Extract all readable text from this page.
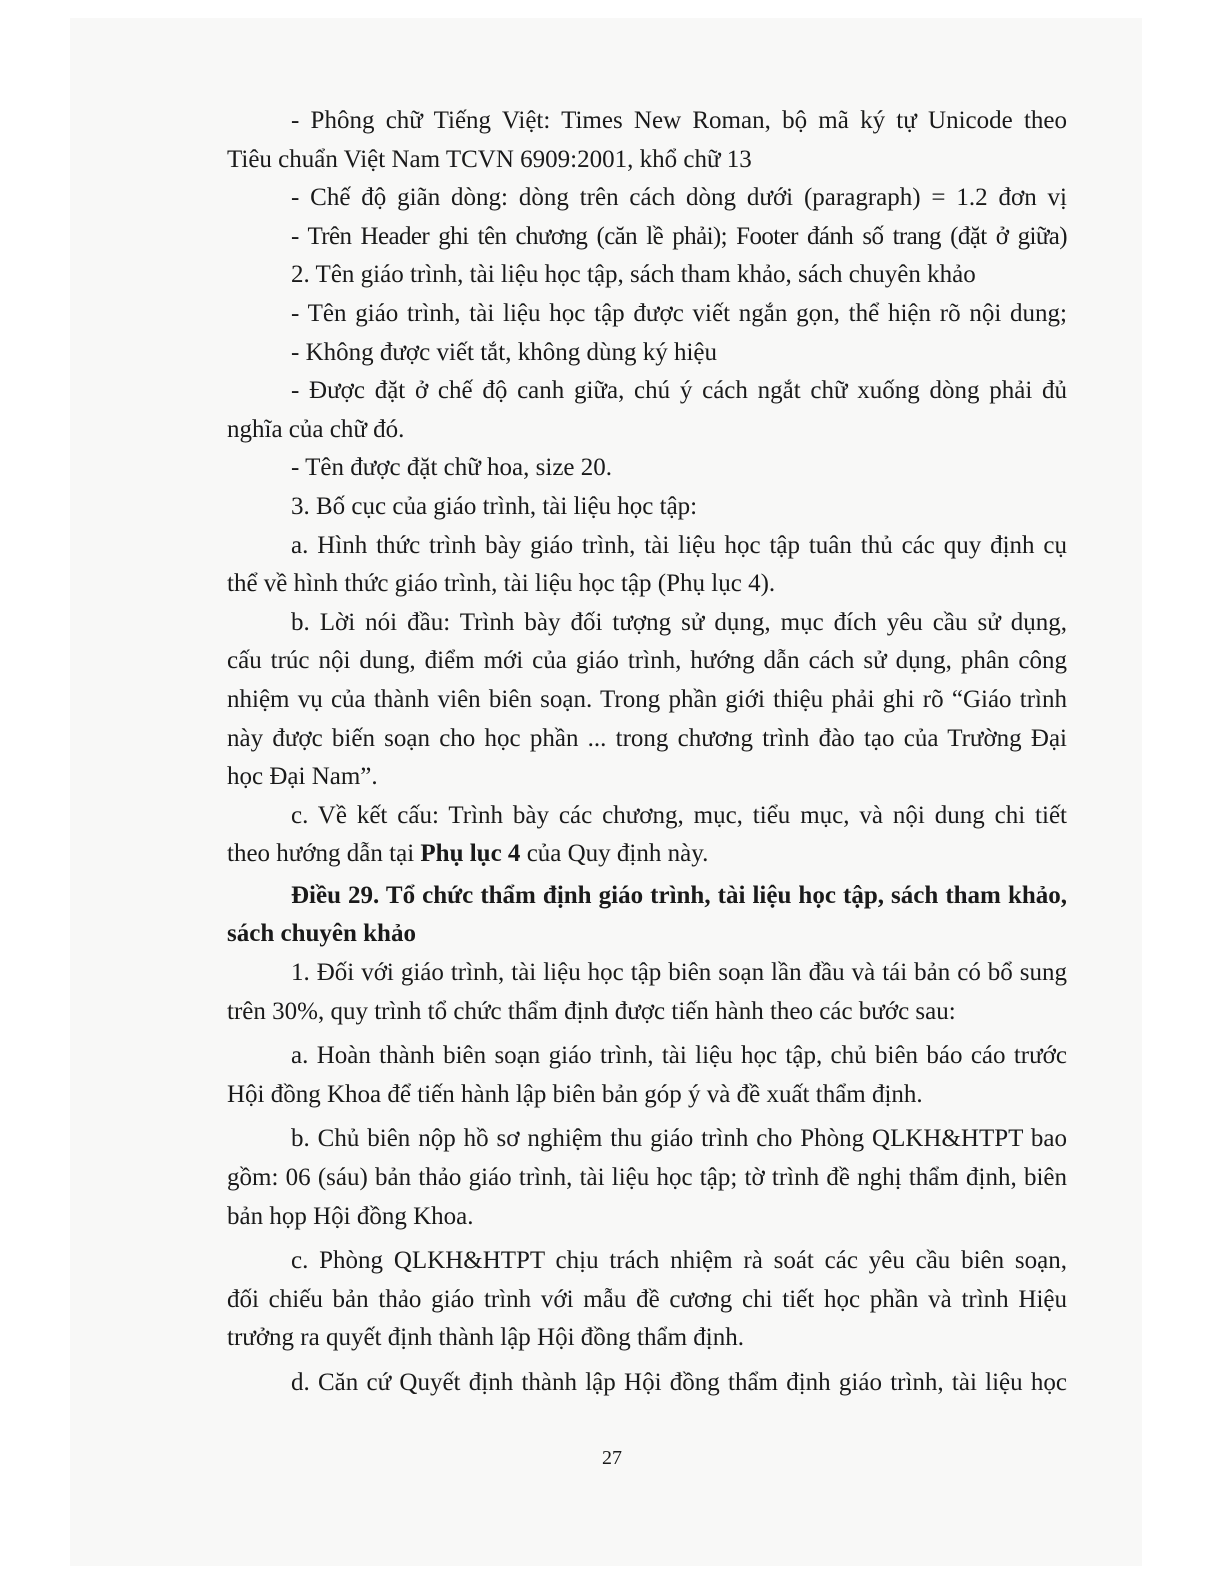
- Phông chữ Tiếng Việt: Times New Roman, bộ mã ký tự Unicode theo
Tiêu chuẩn Việt Nam TCVN 6909:2001, khổ chữ 13
- Chế độ giãn dòng: dòng trên cách dòng dưới (paragraph) = 1.2 đơn vị
- Trên Header ghi tên chương (căn lề phải); Footer đánh số trang (đặt ở giữa)
2. Tên giáo trình, tài liệu học tập, sách tham khảo, sách chuyên khảo
- Tên giáo trình, tài liệu học tập được viết ngắn gọn, thể hiện rõ nội dung;
- Không được viết tắt, không dùng ký hiệu
- Được đặt ở chế độ canh giữa, chú ý cách ngắt chữ xuống dòng phải đủ
nghĩa của chữ đó.
- Tên được đặt chữ hoa, size 20.
3. Bố cục của giáo trình, tài liệu học tập:
a. Hình thức trình bày giáo trình, tài liệu học tập tuân thủ các quy định cụ
thể về hình thức giáo trình, tài liệu học tập (Phụ lục 4).
b. Lời nói đầu: Trình bày đối tượng sử dụng, mục đích yêu cầu sử dụng,
cấu trúc nội dung, điểm mới của giáo trình, hướng dẫn cách sử dụng, phân công
nhiệm vụ của thành viên biên soạn. Trong phần giới thiệu phải ghi rõ “Giáo trình
này được biến soạn cho học phần ... trong chương trình đào tạo của Trường Đại
học Đại Nam”.
c. Về kết cấu: Trình bày các chương, mục, tiểu mục, và nội dung chi tiết
theo hướng dẫn tại Phụ lục 4 của Quy định này.
Điều 29. Tổ chức thẩm định giáo trình, tài liệu học tập, sách tham khảo,
sách chuyên khảo
1. Đối với giáo trình, tài liệu học tập biên soạn lần đầu và tái bản có bổ sung
trên 30%, quy trình tổ chức thẩm định được tiến hành theo các bước sau:
a. Hoàn thành biên soạn giáo trình, tài liệu học tập, chủ biên báo cáo trước
Hội đồng Khoa để tiến hành lập biên bản góp ý và đề xuất thẩm định.
b. Chủ biên nộp hồ sơ nghiệm thu giáo trình cho Phòng QLKH&HTPT bao
gồm: 06 (sáu) bản thảo giáo trình, tài liệu học tập; tờ trình đề nghị thẩm định, biên
bản họp Hội đồng Khoa.
c. Phòng QLKH&HTPT chịu trách nhiệm rà soát các yêu cầu biên soạn,
đối chiếu bản thảo giáo trình với mẫu đề cương chi tiết học phần và trình Hiệu
trưởng ra quyết định thành lập Hội đồng thẩm định.
d. Căn cứ Quyết định thành lập Hội đồng thẩm định giáo trình, tài liệu học
27
